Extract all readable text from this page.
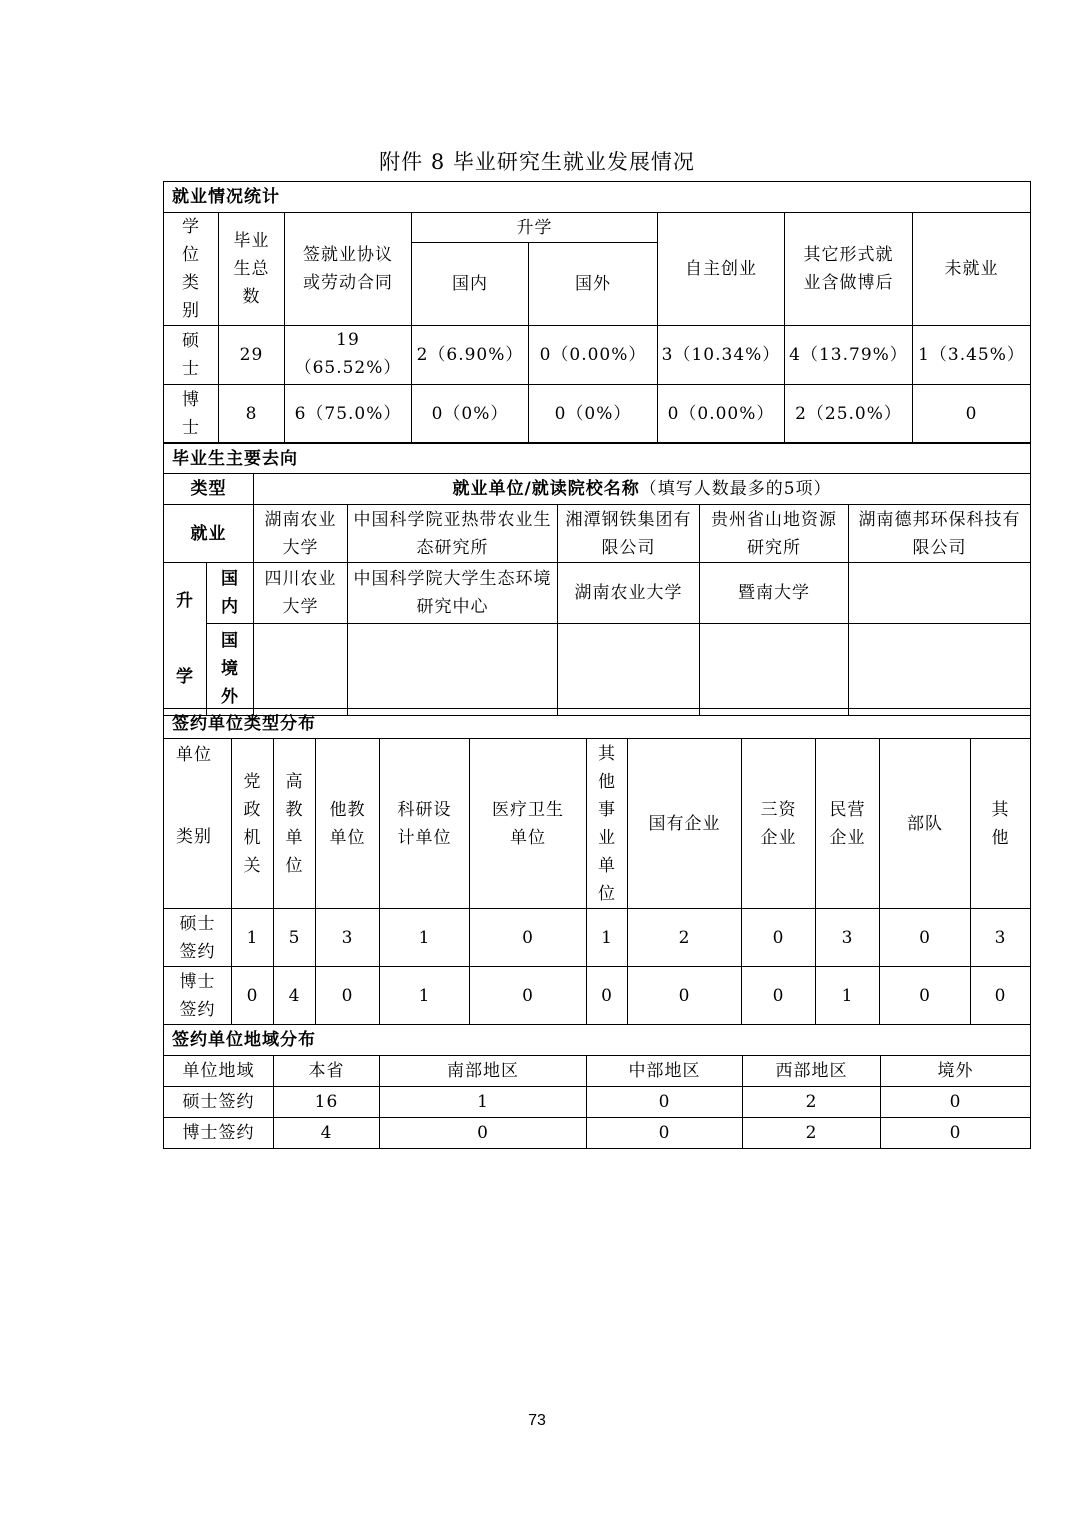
附件 8 毕业研究生就业发展情况
就业情况统计							

学位类别	毕业生总数	签就业协议或劳动合同	升学		自主创业	其它形式就业含做博后	未就业
			国内	国外			

硕士	29	19（65.52%）	2（6.90%）	0（0.00%）	3（10.34%）	4（13.79%）	1（3.45%）

博士	8	6（75.0%）	0（0%）	0（0%）	0（0.00%）	2（25.0%）	0
毕业生主要去向						
类型		就业单位/就读院校名称（填写人数最多的5项）				
就业		湖南农业大学	中国科学院亚热带农业生态研究所	湘潭钢铁集团有限公司	贵州省山地资源研究所	湖南德邦环保科技有限公司

升学	国内	四川农业大学	中国科学院大学生态环境研究中心	湖南农业大学	暨南大学	

	国境外					

签约单位类型分布											

单位
类别	党政机关	高教单位	他教单位	科研设计单位	医疗卫生单位	其他事业单位	国有企业	三资企业	民营企业	部队	其他

硕士签约	1	5	3	1	0	1	2	0	3	0	3

博士签约	0	4	0	1	0	0	0	0	1	0	0
签约单位地域分布					
单位地域	本省	南部地区	中部地区	西部地区	境外
硕士签约	16	1	0	2	0
博士签约	4	0	0	2	0
73
